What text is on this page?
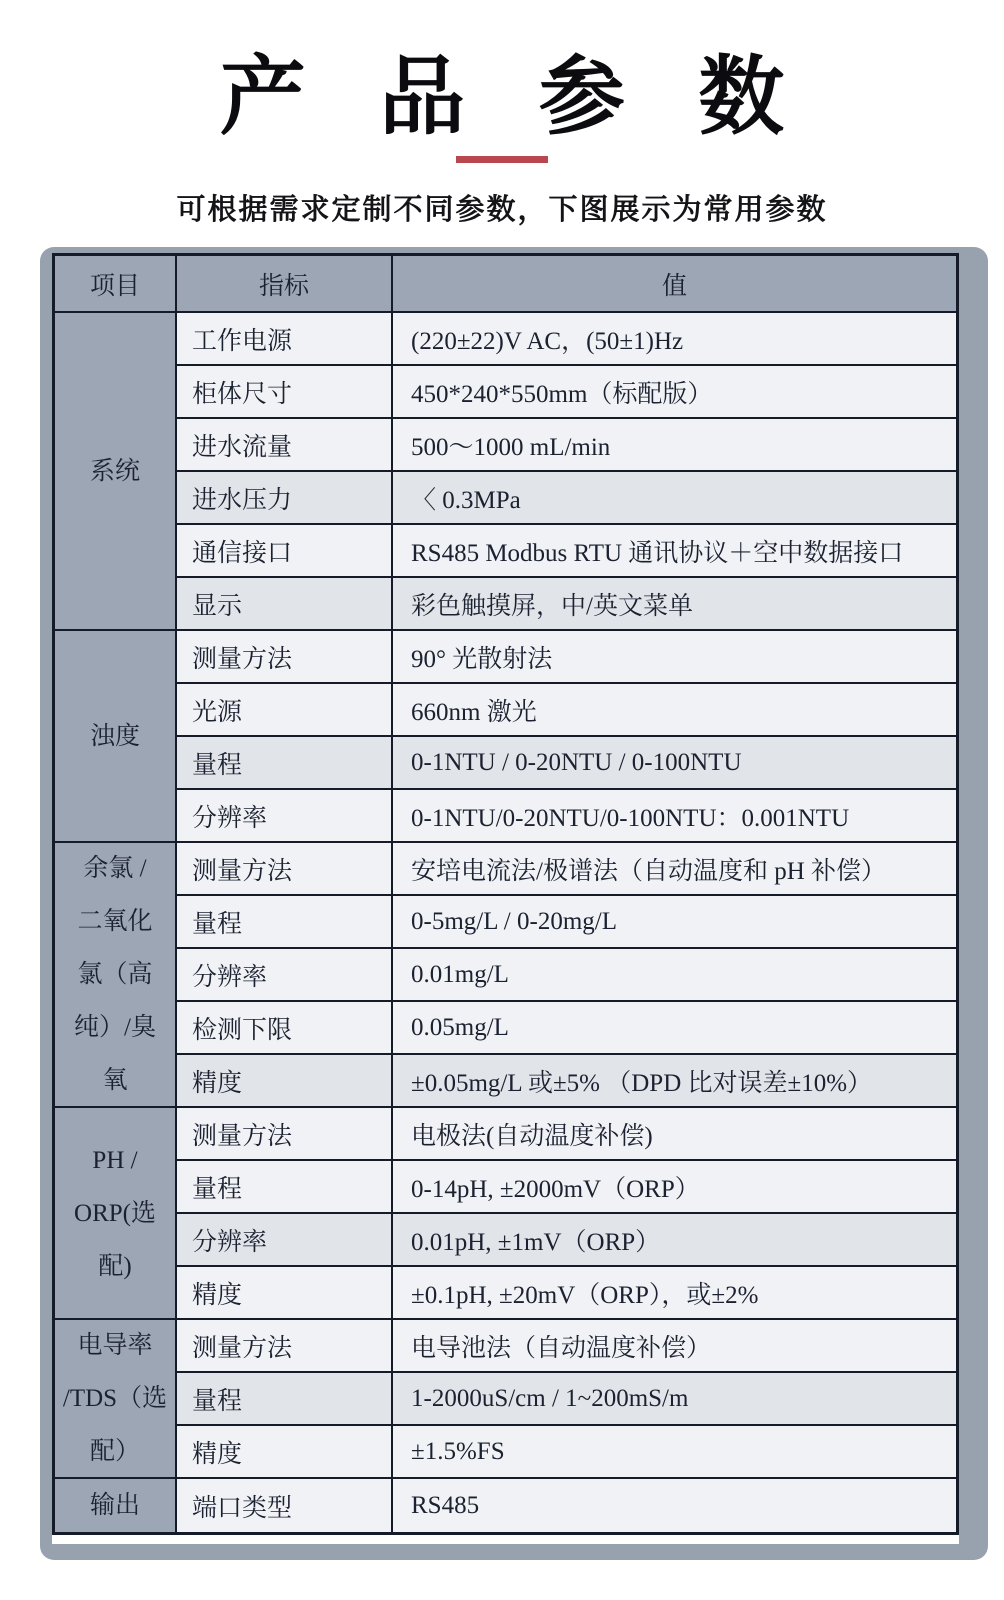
产 品 参 数

可根据需求定制不同参数，下图展示为常用参数

项目	指标	值
系统
工作电源	(220±22)V AC，(50±1)Hz
柜体尺寸	450*240*550mm（标配版）
进水流量	500～1000 mL/min
进水压力	〈 0.3MPa
通信接口	RS485 Modbus RTU 通讯协议＋空中数据接口
显示	彩色触摸屏，中/英文菜单
浊度
测量方法	90° 光散射法
光源	660nm 激光
量程	0-1NTU / 0-20NTU / 0-100NTU
分辨率	0-1NTU/0-20NTU/0-100NTU：0.001NTU
余氯 /
二氧化
氯（高
纯）/臭
氧
测量方法	安培电流法/极谱法（自动温度和 pH 补偿）
量程	0-5mg/L / 0-20mg/L
分辨率	0.01mg/L
检测下限	0.05mg/L
精度	±0.05mg/L 或±5% （DPD 比对误差±10%）
PH /
ORP(选
配)
测量方法	电极法(自动温度补偿)
量程	0-14pH, ±2000mV（ORP）
分辨率	0.01pH, ±1mV（ORP）
精度	±0.1pH, ±20mV（ORP），或±2%
电导率
/TDS（选
配）
测量方法	电导池法（自动温度补偿）
量程	1-2000uS/cm / 1~200mS/m
精度	±1.5%FS
输出	端口类型	RS485
